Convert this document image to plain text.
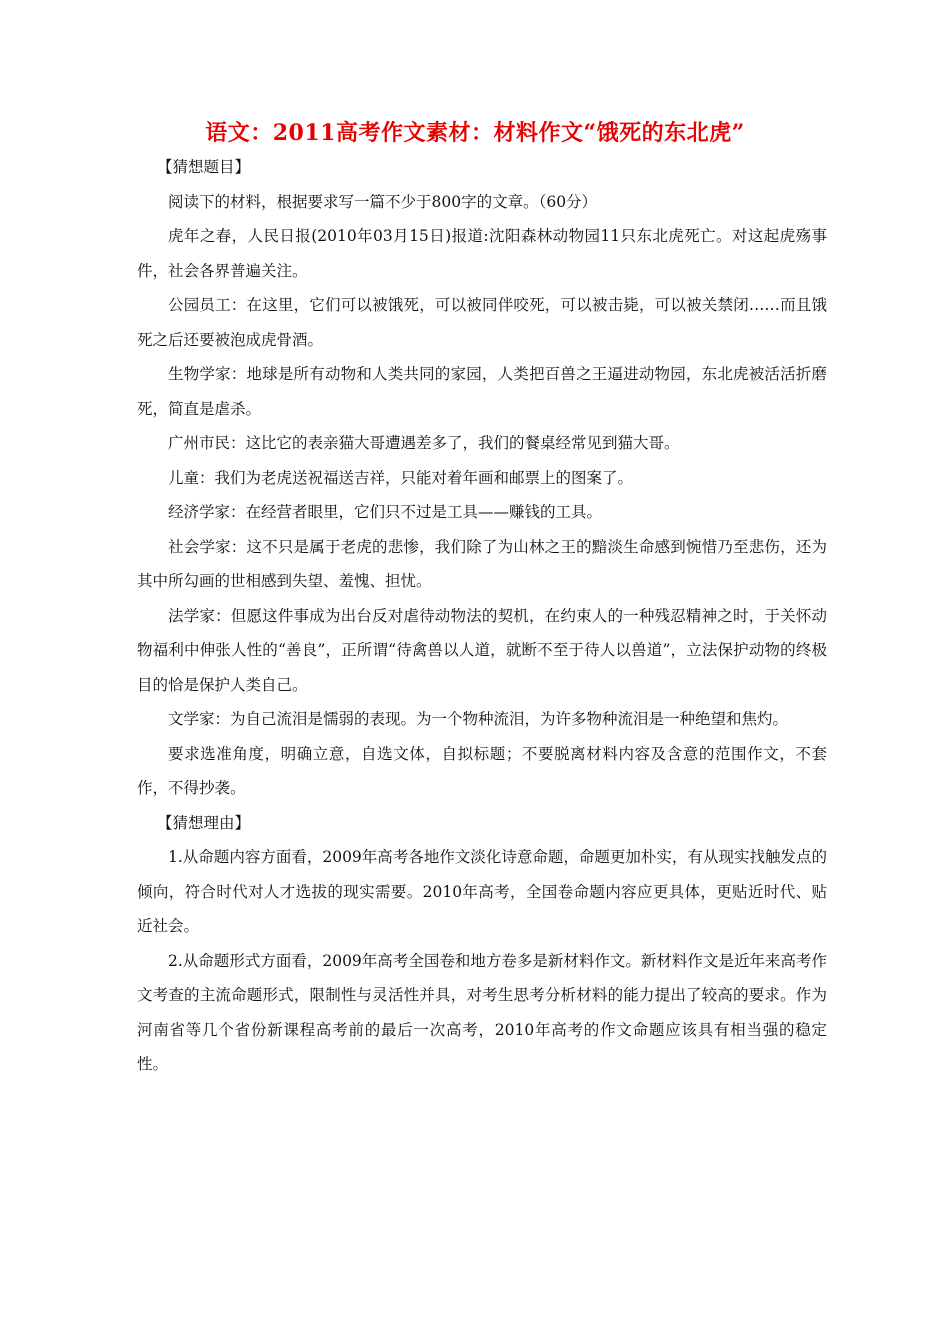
语文：2011高考作文素材：材料作文“饿死的东北虎”

【猜想题目】

阅读下的材料，根据要求写一篇不少于800字的文章。（60分）

虎年之春，人民日报(2010年03月15日)报道:沈阳森林动物园11只东北虎死亡。对这起虎殇事件，社会各界普遍关注。

公园员工：在这里，它们可以被饿死，可以被同伴咬死，可以被击毙，可以被关禁闭……而且饿死之后还要被泡成虎骨酒。

生物学家：地球是所有动物和人类共同的家园，人类把百兽之王逼进动物园，东北虎被活活折磨死，简直是虐杀。

广州市民：这比它的表亲猫大哥遭遇差多了，我们的餐桌经常见到猫大哥。

儿童：我们为老虎送祝福送吉祥，只能对着年画和邮票上的图案了。

经济学家：在经营者眼里，它们只不过是工具——赚钱的工具。

社会学家：这不只是属于老虎的悲惨，我们除了为山林之王的黯淡生命感到惋惜乃至悲伤，还为其中所勾画的世相感到失望、羞愧、担忧。

法学家：但愿这件事成为出台反对虐待动物法的契机，在约束人的一种残忍精神之时，于关怀动物福利中伸张人性的“善良”，正所谓“待禽兽以人道，就断不至于待人以兽道”，立法保护动物的终极目的恰是保护人类自己。

文学家：为自己流泪是懦弱的表现。为一个物种流泪，为许多物种流泪是一种绝望和焦灼。

要求选准角度，明确立意，自选文体，自拟标题；不要脱离材料内容及含意的范围作文，不套作，不得抄袭。

【猜想理由】

1.从命题内容方面看，2009年高考各地作文淡化诗意命题，命题更加朴实，有从现实找触发点的倾向，符合时代对人才选拔的现实需要。2010年高考，全国卷命题内容应更具体，更贴近时代、贴近社会。

2.从命题形式方面看，2009年高考全国卷和地方卷多是新材料作文。新材料作文是近年来高考作文考查的主流命题形式，限制性与灵活性并具，对考生思考分析材料的能力提出了较高的要求。作为河南省等几个省份新课程高考前的最后一次高考，2010年高考的作文命题应该具有相当强的稳定性。
